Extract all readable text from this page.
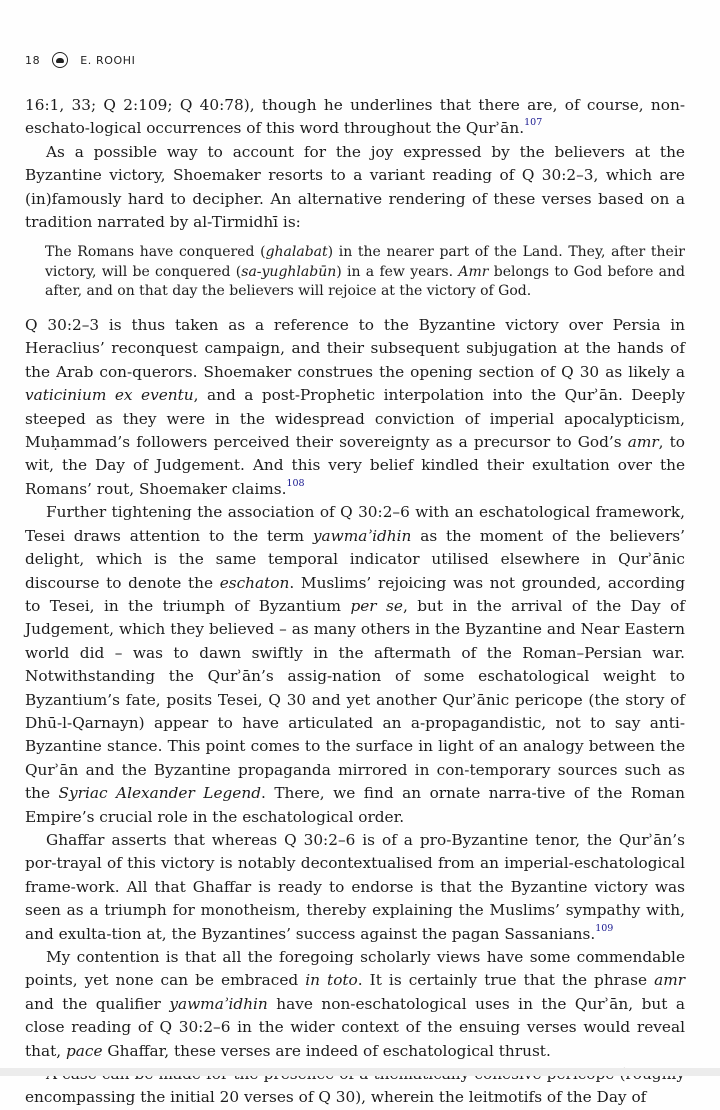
18	E. ROOHI

16:1, 33; Q 2:109; Q 40:78), though he underlines that there are, of course, non-eschato-logical occurrences of this word throughout the Qurʾān.$^{107}$

As a possible way to account for the joy expressed by the believers at the Byzantine victory, Shoemaker resorts to a variant reading of Q 30:2–3, which are (in)famously hard to decipher. An alternative rendering of these verses based on a tradition narrated by al-Tirmidhī is:

The Romans have conquered (ghalabat) in the nearer part of the Land. They, after their victory, will be conquered (sa-yughlabūn) in a few years. Amr belongs to God before and after, and on that day the believers will rejoice at the victory of God.

Q 30:2–3 is thus taken as a reference to the Byzantine victory over Persia in Heraclius’ reconquest campaign, and their subsequent subjugation at the hands of the Arab con-querors. Shoemaker construes the opening section of Q 30 as likely a vaticinium ex eventu, and a post-Prophetic interpolation into the Qurʾān. Deeply steeped as they were in the widespread conviction of imperial apocalypticism, Muḥammad’s followers perceived their sovereignty as a precursor to God’s amr, to wit, the Day of Judgement. And this very belief kindled their exultation over the Romans’ rout, Shoemaker claims.$^{108}$

Further tightening the association of Q 30:2–6 with an eschatological framework, Tesei draws attention to the term yawmaʾidhin as the moment of the believers’ delight, which is the same temporal indicator utilised elsewhere in Qurʾānic discourse to denote the eschaton. Muslims’ rejoicing was not grounded, according to Tesei, in the triumph of Byzantium per se, but in the arrival of the Day of Judgement, which they believed – as many others in the Byzantine and Near Eastern world did – was to dawn swiftly in the aftermath of the Roman–Persian war. Notwithstanding the Qurʾān’s assig-nation of some eschatological weight to Byzantium’s fate, posits Tesei, Q 30 and yet another Qurʾānic pericope (the story of Dhū-l-Qarnayn) appear to have articulated an a-propagandistic, not to say anti-Byzantine stance. This point comes to the surface in light of an analogy between the Qurʾān and the Byzantine propaganda mirrored in con-temporary sources such as the Syriac Alexander Legend. There, we find an ornate narra-tive of the Roman Empire’s crucial role in the eschatological order.

Ghaffar asserts that whereas Q 30:2–6 is of a pro-Byzantine tenor, the Qurʾān’s por-trayal of this victory is notably decontextualised from an imperial-eschatological frame-work. All that Ghaffar is ready to endorse is that the Byzantine victory was seen as a triumph for monotheism, thereby explaining the Muslims’ sympathy with, and exulta-tion at, the Byzantines’ success against the pagan Sassanians.$^{109}$

My contention is that all the foregoing scholarly views have some commendable points, yet none can be embraced in toto. It is certainly true that the phrase amr and the qualifier yawmaʾidhin have non-eschatological uses in the Qurʾān, but a close reading of Q 30:2–6 in the wider context of the ensuing verses would reveal that, pace Ghaffar, these verses are indeed of eschatological thrust.

encompassing the initial 20 verses of Q 30), wherein the leitmotifs of the Day of
